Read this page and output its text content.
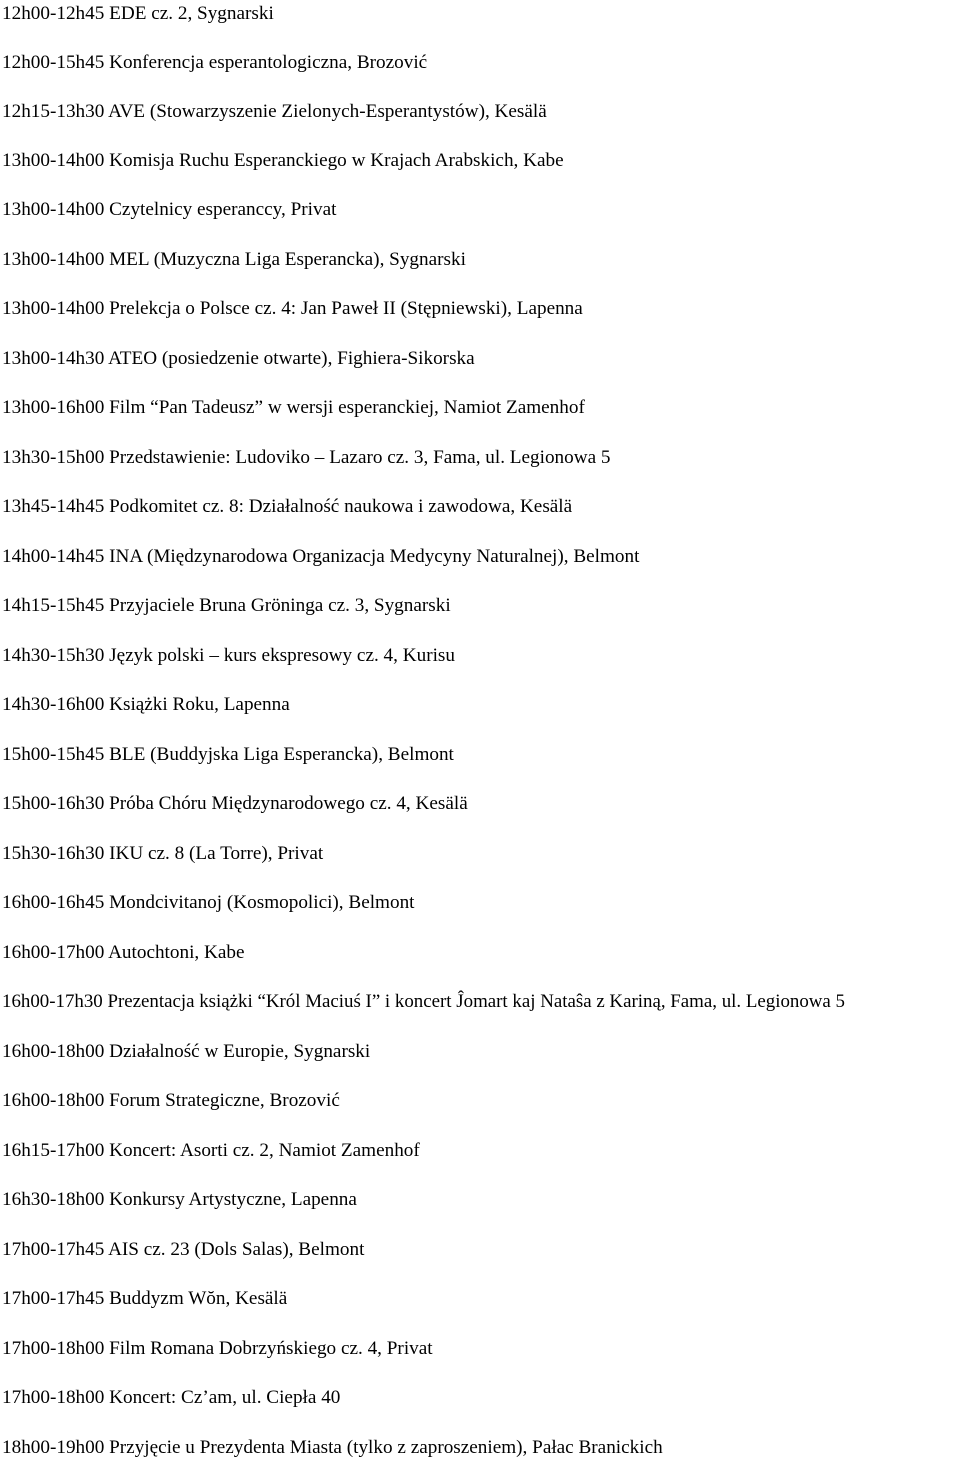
12h00-12h45 EDE cz. 2, Sygnarski
12h00-15h45 Konferencja esperantologiczna, Brozović
12h15-13h30 AVE (Stowarzyszenie Zielonych-Esperantystów), Kesälä
13h00-14h00 Komisja Ruchu Esperanckiego w Krajach Arabskich, Kabe
13h00-14h00 Czytelnicy esperanccy, Privat
13h00-14h00 MEL (Muzyczna Liga Esperancka), Sygnarski
13h00-14h00 Prelekcja o Polsce cz. 4: Jan Paweł II (Stępniewski), Lapenna
13h00-14h30 ATEO (posiedzenie otwarte), Fighiera-Sikorska
13h00-16h00 Film “Pan Tadeusz” w wersji esperanckiej, Namiot Zamenhof
13h30-15h00 Przedstawienie: Ludoviko – Lazaro cz. 3, Fama, ul. Legionowa 5
13h45-14h45 Podkomitet cz. 8: Działalność naukowa i zawodowa, Kesälä
14h00-14h45 INA (Międzynarodowa Organizacja Medycyny Naturalnej), Belmont
14h15-15h45 Przyjaciele Bruna Gröninga cz. 3, Sygnarski
14h30-15h30 Język polski – kurs ekspresowy cz. 4, Kurisu
14h30-16h00 Książki Roku, Lapenna
15h00-15h45 BLE (Buddyjska Liga Esperancka), Belmont
15h00-16h30 Próba Chóru Międzynarodowego cz. 4, Kesälä
15h30-16h30 IKU cz. 8 (La Torre), Privat
16h00-16h45 Mondcivitanoj (Kosmopolici), Belmont
16h00-17h00 Autochtoni, Kabe
16h00-17h30 Prezentacja książki “Król Maciuś I” i koncert Ĵomart kaj Nataŝa z Kariną, Fama, ul. Legionowa 5
16h00-18h00 Działalność w Europie, Sygnarski
16h00-18h00 Forum Strategiczne, Brozović
16h15-17h00 Koncert: Asorti cz. 2, Namiot Zamenhof
16h30-18h00 Konkursy Artystyczne, Lapenna
17h00-17h45 AIS cz. 23 (Dols Salas), Belmont
17h00-17h45 Buddyzm Wŏn, Kesälä
17h00-18h00 Film Romana Dobrzyńskiego cz. 4, Privat
17h00-18h00 Koncert: Cz’am, ul. Ciepła 40
18h00-19h00 Przyjęcie u Prezydenta Miasta (tylko z zaproszeniem), Pałac Branickich
